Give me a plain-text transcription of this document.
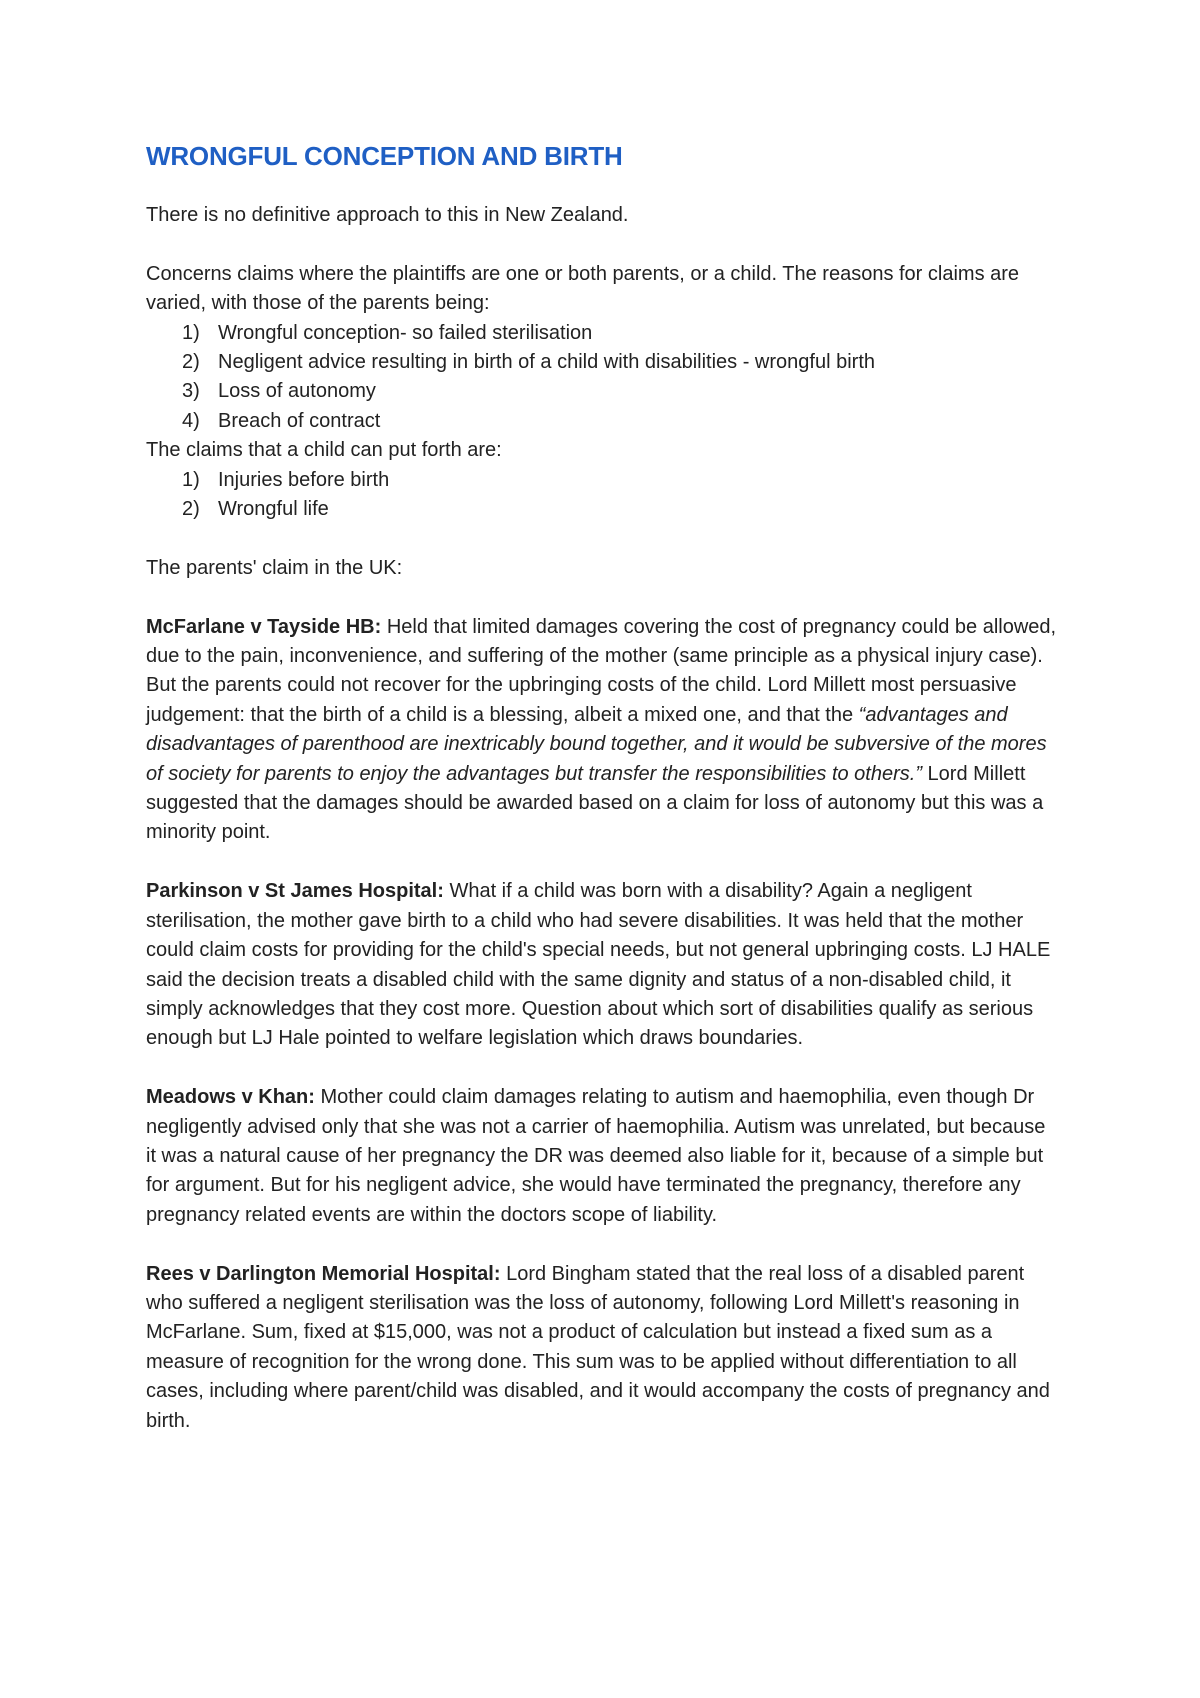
WRONGFUL CONCEPTION AND BIRTH

There is no definitive approach to this in New Zealand.

Concerns claims where the plaintiffs are one or both parents, or a child. The reasons for claims are varied, with those of the parents being:

1) Wrongful conception- so failed sterilisation
2) Negligent advice resulting in birth of a child with disabilities - wrongful birth
3) Loss of autonomy
4) Breach of contract

The claims that a child can put forth are:

1) Injuries before birth
2) Wrongful life

The parents' claim in the UK:

McFarlane v Tayside HB: Held that limited damages covering the cost of pregnancy could be allowed, due to the pain, inconvenience, and suffering of the mother (same principle as a physical injury case). But the parents could not recover for the upbringing costs of the child. Lord Millett most persuasive judgement: that the birth of a child is a blessing, albeit a mixed one, and that the “advantages and disadvantages of parenthood are inextricably bound together, and it would be subversive of the mores of society for parents to enjoy the advantages but transfer the responsibilities to others.” Lord Millett suggested that the damages should be awarded based on a claim for loss of autonomy but this was a minority point.

Parkinson v St James Hospital: What if a child was born with a disability? Again a negligent sterilisation, the mother gave birth to a child who had severe disabilities. It was held that the mother could claim costs for providing for the child's special needs, but not general upbringing costs. LJ HALE said the decision treats a disabled child with the same dignity and status of a non-disabled child, it simply acknowledges that they cost more. Question about which sort of disabilities qualify as serious enough but LJ Hale pointed to welfare legislation which draws boundaries.

Meadows v Khan: Mother could claim damages relating to autism and haemophilia, even though Dr negligently advised only that she was not a carrier of haemophilia. Autism was unrelated, but because it was a natural cause of her pregnancy the DR was deemed also liable for it, because of a simple but for argument. But for his negligent advice, she would have terminated the pregnancy, therefore any pregnancy related events are within the doctors scope of liability.

Rees v Darlington Memorial Hospital: Lord Bingham stated that the real loss of a disabled parent who suffered a negligent sterilisation was the loss of autonomy, following Lord Millett's reasoning in McFarlane. Sum, fixed at $15,000, was not a product of calculation but instead a fixed sum as a measure of recognition for the wrong done. This sum was to be applied without differentiation to all cases, including where parent/child was disabled, and it would accompany the costs of pregnancy and birth.
